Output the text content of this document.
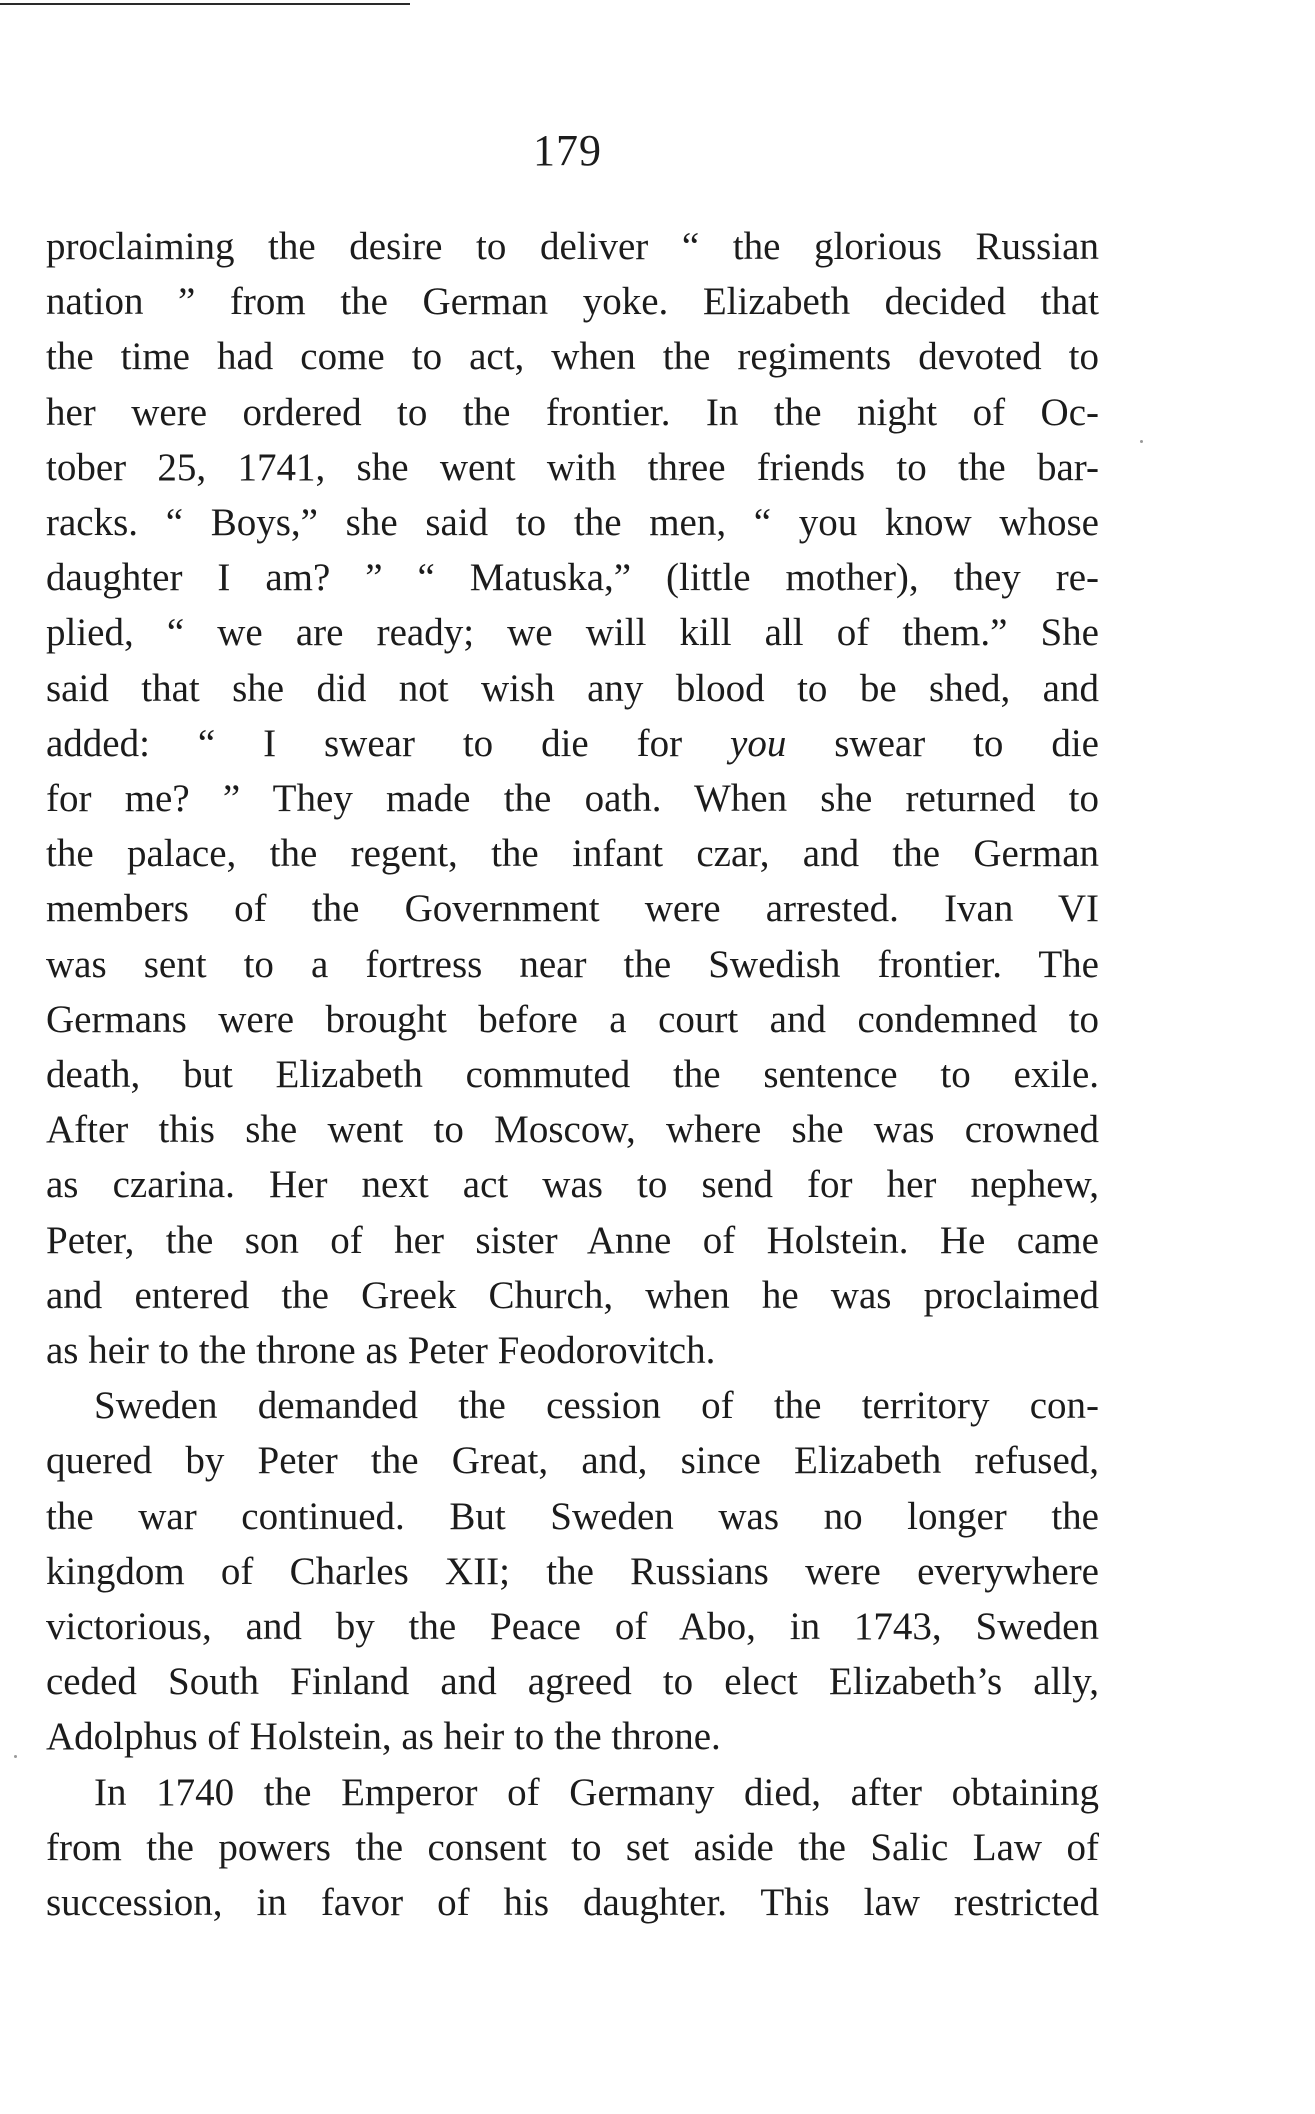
179
proclaiming the desire to deliver “ the glorious Russian
nation ” from the German yoke. Elizabeth decided that
the time had come to act, when the regiments devoted to
her were ordered to the frontier. In the night of Oc-
tober 25, 1741, she went with three friends to the bar-
racks. “ Boys,” she said to the men, “ you know whose
daughter I am? ” “ Matuska,” (little mother), they re-
plied, “ we are ready; we will kill all of them.” She
said that she did not wish any blood to be shed, and
added: “ I swear to die for you swear to die
for me? ” They made the oath. When she returned to
the palace, the regent, the infant czar, and the German
members of the Government were arrested. Ivan VI
was sent to a fortress near the Swedish frontier. The
Germans were brought before a court and condemned to
death, but Elizabeth commuted the sentence to exile.
After this she went to Moscow, where she was crowned
as czarina. Her next act was to send for her nephew,
Peter, the son of her sister Anne of Holstein. He came
and entered the Greek Church, when he was proclaimed
as heir to the throne as Peter Feodorovitch.
Sweden demanded the cession of the territory con-
quered by Peter the Great, and, since Elizabeth refused,
the war continued. But Sweden was no longer the
kingdom of Charles XII; the Russians were everywhere
victorious, and by the Peace of Abo, in 1743, Sweden
ceded South Finland and agreed to elect Elizabeth’s ally,
Adolphus of Holstein, as heir to the throne.
In 1740 the Emperor of Germany died, after obtaining
from the powers the consent to set aside the Salic Law of
succession, in favor of his daughter. This law restricted
